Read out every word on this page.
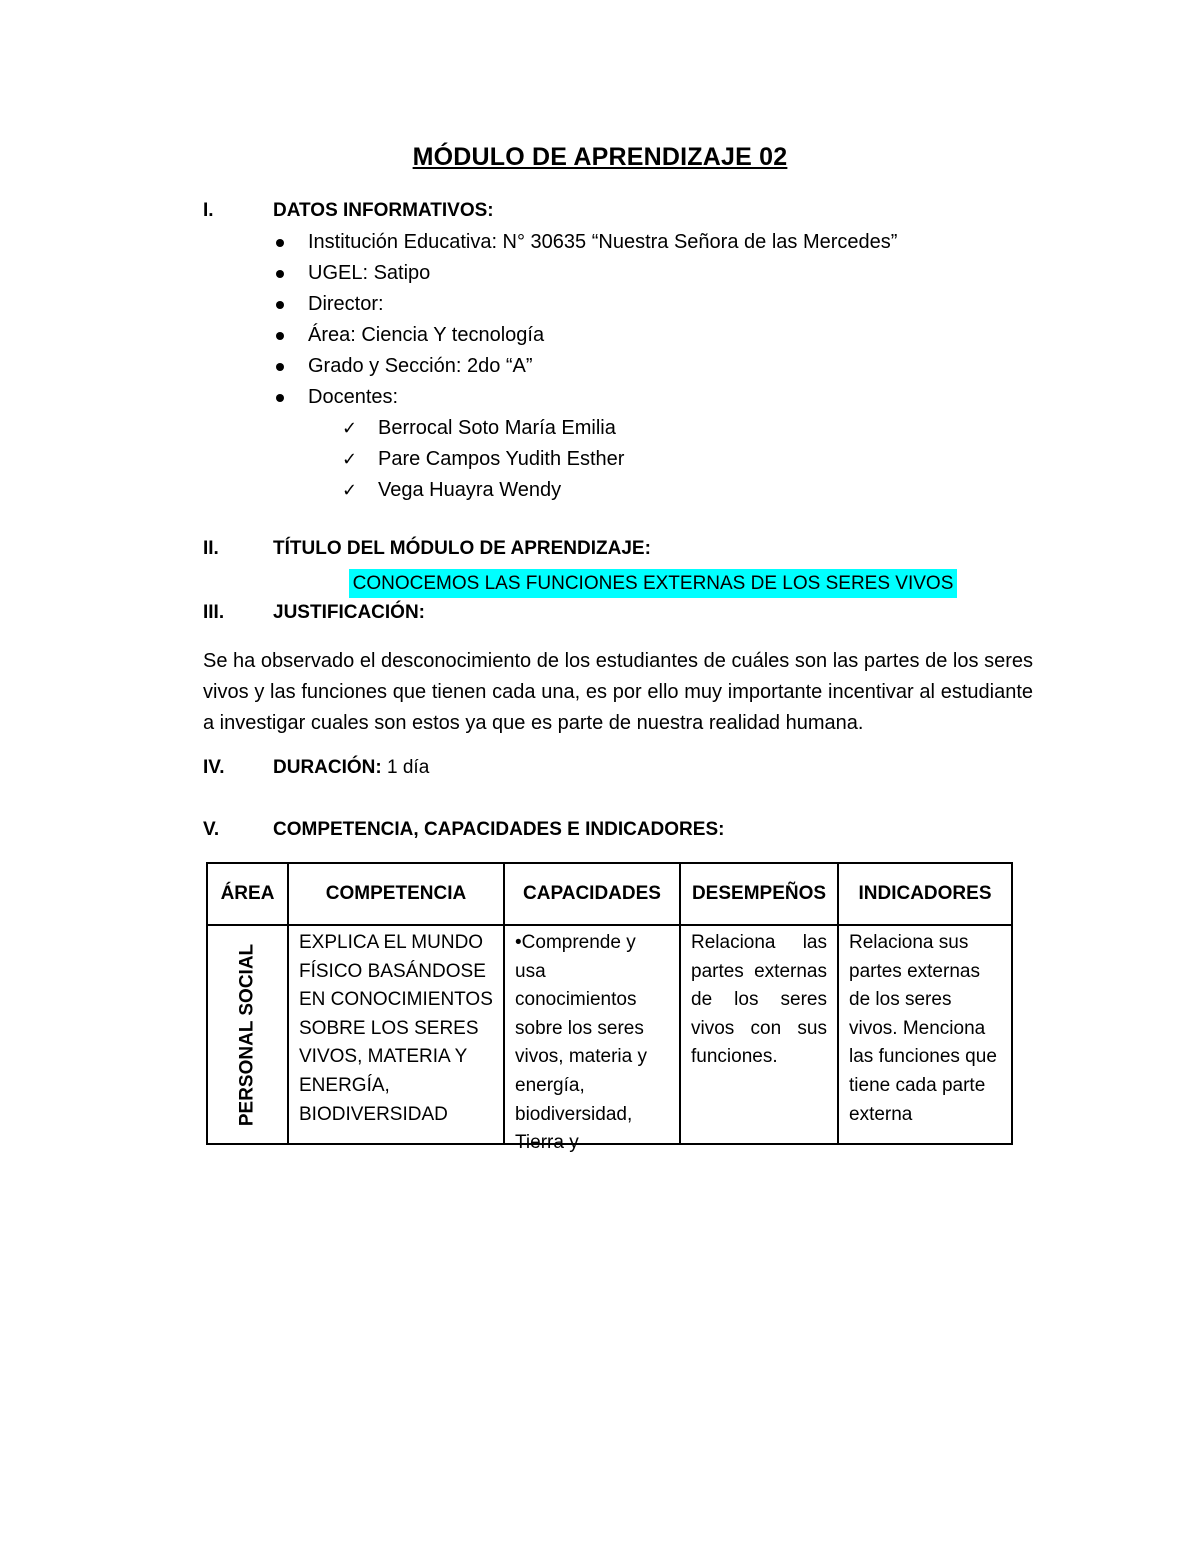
MÓDULO DE APRENDIZAJE 02
I.	DATOS INFORMATIVOS:
Institución Educativa: N° 30635 “Nuestra Señora de las Mercedes”
UGEL: Satipo
Director:
Área: Ciencia Y tecnología
Grado y Sección: 2do “A”
Docentes:
✓ Berrocal Soto María Emilia
✓ Pare Campos Yudith Esther
✓ Vega Huayra Wendy
II.	TÍTULO DEL MÓDULO DE APRENDIZAJE:
CONOCEMOS LAS FUNCIONES EXTERNAS DE LOS SERES VIVOS
III.	JUSTIFICACIÓN:
Se ha observado el desconocimiento de los estudiantes de cuáles son las partes de los seres vivos y las funciones que tienen cada una, es por ello muy importante incentivar al estudiante a investigar cuales son estos ya que es parte de nuestra realidad humana.
IV.	DURACIÓN: 1 día
V.	COMPETENCIA, CAPACIDADES E INDICADORES:
ÁREA	COMPETENCIA	CAPACIDADES	DESEMPEÑOS	INDICADORES

PERSONAL SOCIAL	EXPLICA EL MUNDO FÍSICO BASÁNDOSE EN CONOCIMIENTOS SOBRE LOS SERES VIVOS, MATERIA Y ENERGÍA, BIODIVERSIDAD	•Comprende y usa conocimientos sobre los seres vivos, materia y energía, biodiversidad, Tierra y	Relaciona las partes externas de los seres vivos con sus funciones.	Relaciona sus partes externas de los seres vivos. Menciona las funciones que tiene cada parte externa
